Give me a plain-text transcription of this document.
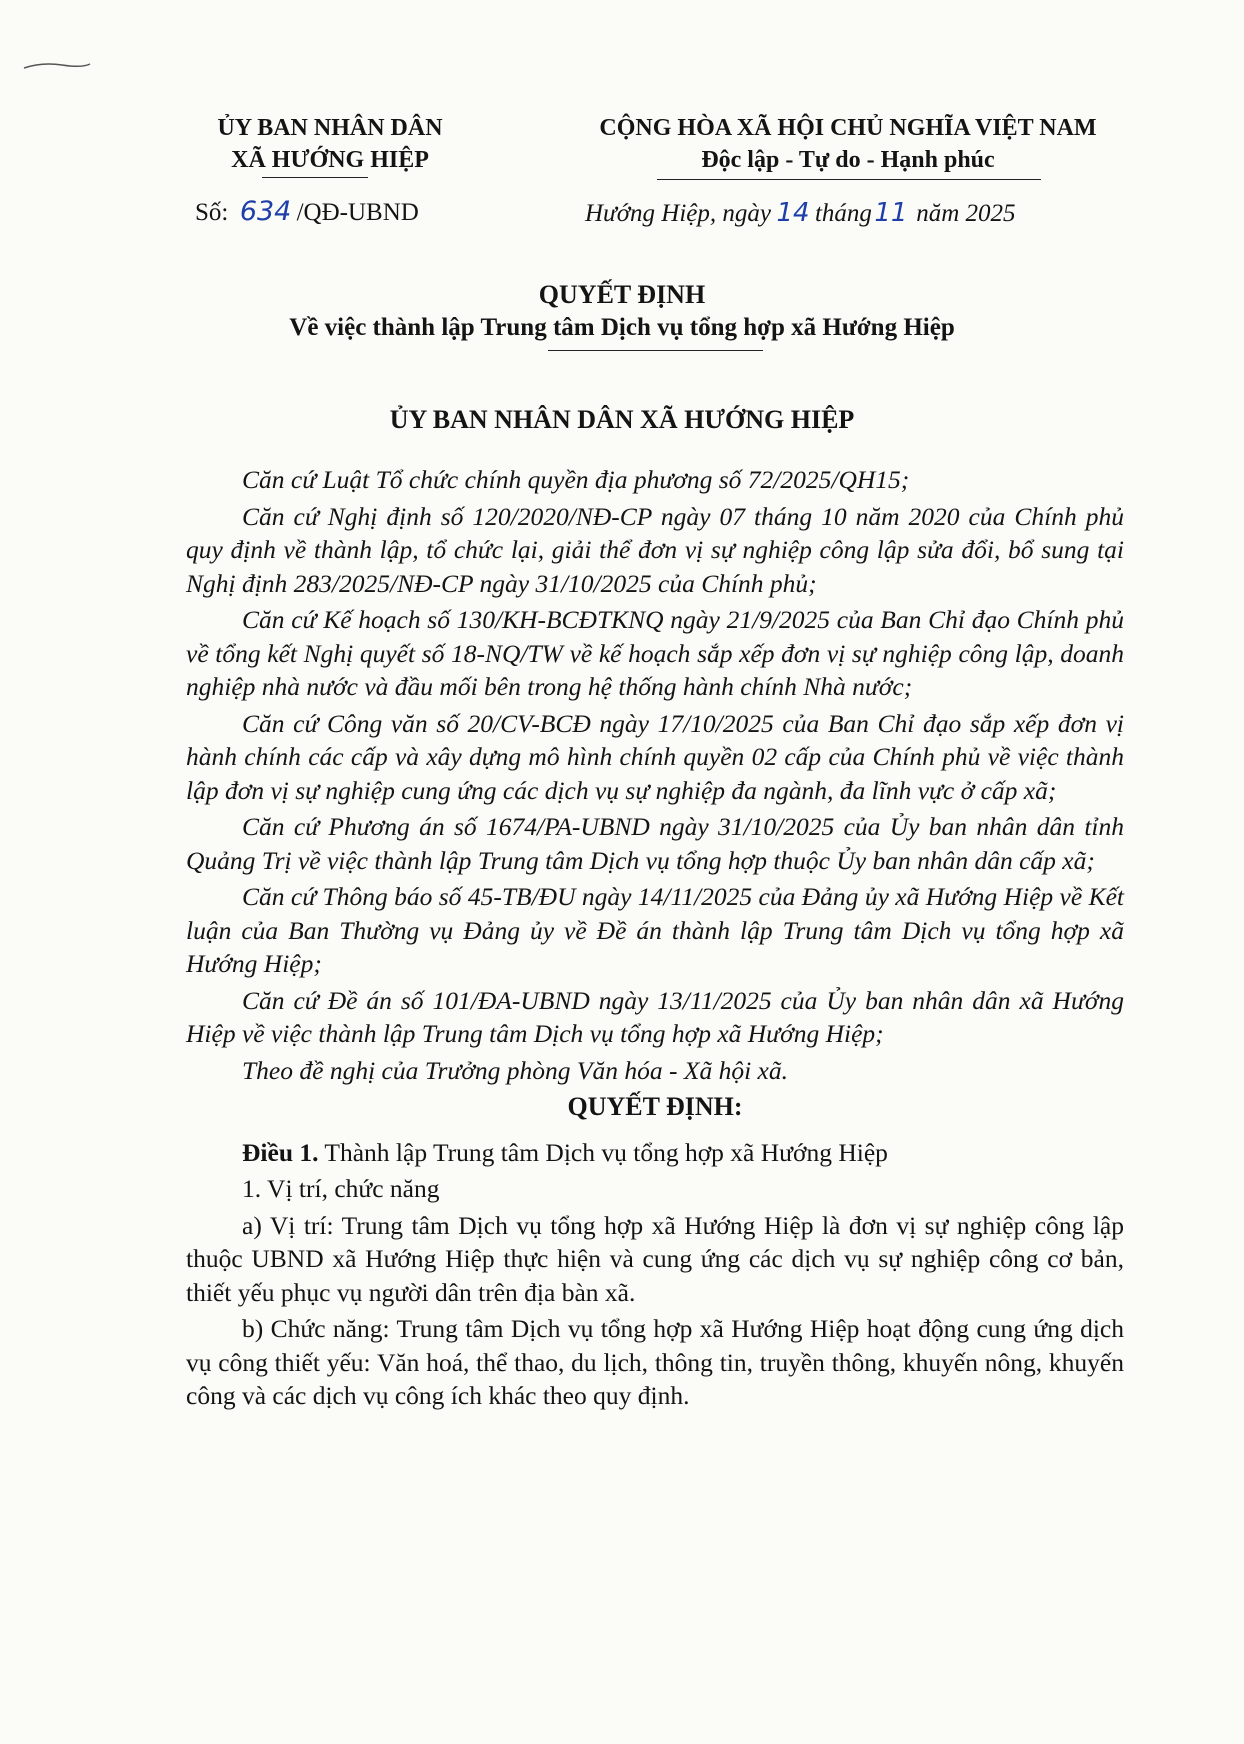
ỦY BAN NHÂN DÂN
XÃ HƯỚNG HIỆP
CỘNG HÒA XÃ HỘI CHỦ NGHĨA VIỆT NAM
Độc lập - Tự do - Hạnh phúc
Số: 634 /QĐ-UBND	Hướng Hiệp, ngày 14 tháng11 năm 2025
QUYẾT ĐỊNH
Về việc thành lập Trung tâm Dịch vụ tổng hợp xã Hướng Hiệp
ỦY BAN NHÂN DÂN XÃ HƯỚNG HIỆP

Căn cứ Luật Tổ chức chính quyền địa phương số 72/2025/QH15;

Căn cứ Nghị định số 120/2020/NĐ-CP ngày 07 tháng 10 năm 2020 của Chính phủ quy định về thành lập, tổ chức lại, giải thể đơn vị sự nghiệp công lập sửa đổi, bổ sung tại Nghị định 283/2025/NĐ-CP ngày 31/10/2025 của Chính phủ;

Căn cứ Kế hoạch số 130/KH-BCĐTKNQ ngày 21/9/2025 của Ban Chỉ đạo Chính phủ về tổng kết Nghị quyết số 18-NQ/TW về kế hoạch sắp xếp đơn vị sự nghiệp công lập, doanh nghiệp nhà nước và đầu mối bên trong hệ thống hành chính Nhà nước;

Căn cứ Công văn số 20/CV-BCĐ ngày 17/10/2025 của Ban Chỉ đạo sắp xếp đơn vị hành chính các cấp và xây dựng mô hình chính quyền 02 cấp của Chính phủ về việc thành lập đơn vị sự nghiệp cung ứng các dịch vụ sự nghiệp đa ngành, đa lĩnh vực ở cấp xã;

Căn cứ Phương án số 1674/PA-UBND ngày 31/10/2025 của Ủy ban nhân dân tỉnh Quảng Trị về việc thành lập Trung tâm Dịch vụ tổng hợp thuộc Ủy ban nhân dân cấp xã;

Căn cứ Thông báo số 45-TB/ĐU ngày 14/11/2025 của Đảng ủy xã Hướng Hiệp về Kết luận của Ban Thường vụ Đảng ủy về Đề án thành lập Trung tâm Dịch vụ tổng hợp xã Hướng Hiệp;

Căn cứ Đề án số 101/ĐA-UBND ngày 13/11/2025 của Ủy ban nhân dân xã Hướng Hiệp về việc thành lập Trung tâm Dịch vụ tổng hợp xã Hướng Hiệp;

Theo đề nghị của Trưởng phòng Văn hóa - Xã hội xã.

QUYẾT ĐỊNH:

Điều 1. Thành lập Trung tâm Dịch vụ tổng hợp xã Hướng Hiệp

1. Vị trí, chức năng

a) Vị trí: Trung tâm Dịch vụ tổng hợp xã Hướng Hiệp là đơn vị sự nghiệp công lập thuộc UBND xã Hướng Hiệp thực hiện và cung ứng các dịch vụ sự nghiệp công cơ bản, thiết yếu phục vụ người dân trên địa bàn xã.

b) Chức năng: Trung tâm Dịch vụ tổng hợp xã Hướng Hiệp hoạt động cung ứng dịch vụ công thiết yếu: Văn hoá, thể thao, du lịch, thông tin, truyền thông, khuyến nông, khuyến công và các dịch vụ công ích khác theo quy định.
